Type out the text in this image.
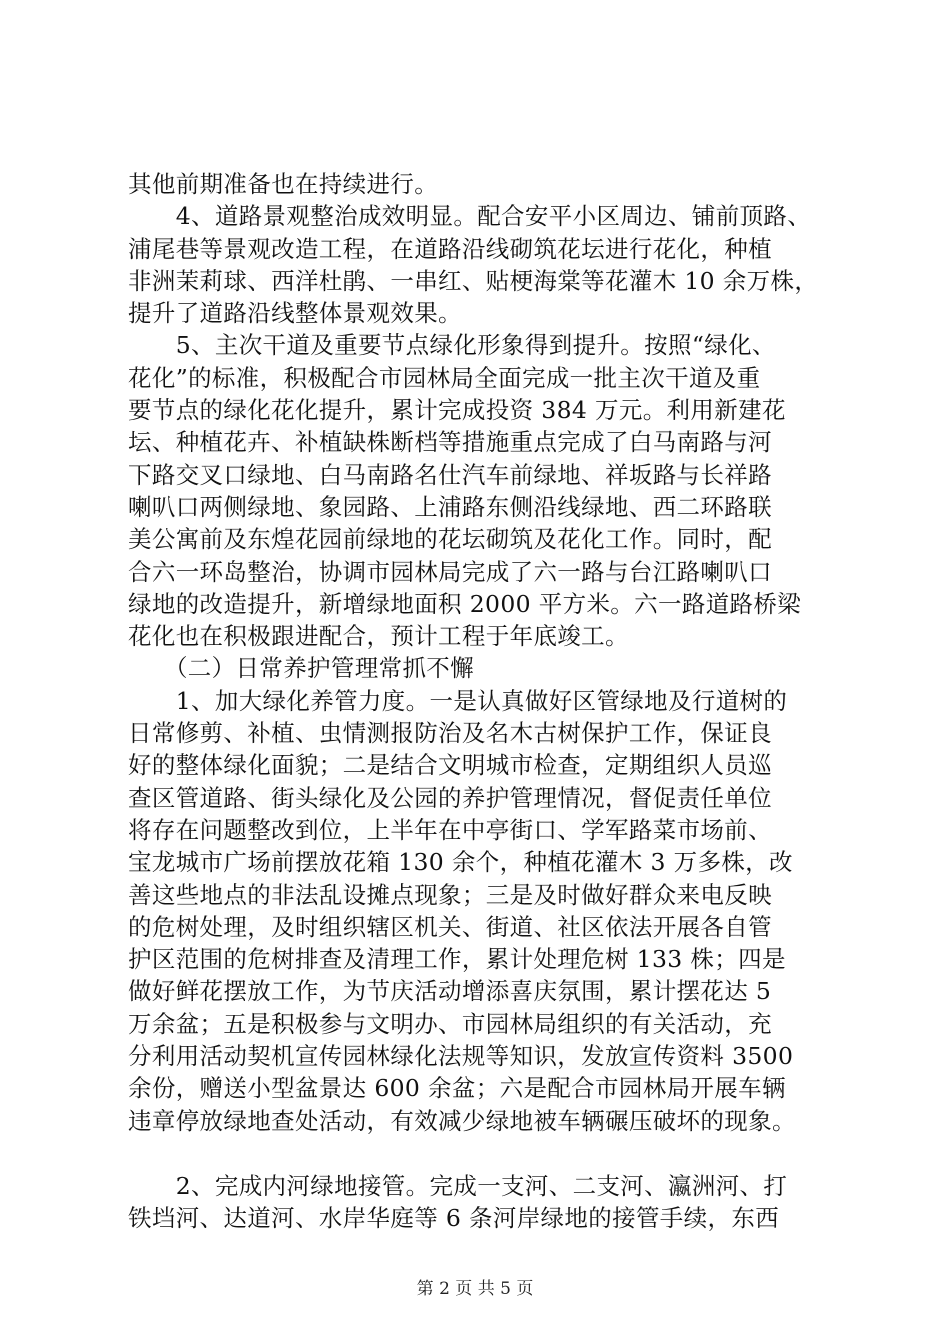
其他前期准备也在持续进行。
　　4、道路景观整治成效明显。配合安平小区周边、铺前顶路、
浦尾巷等景观改造工程，在道路沿线砌筑花坛进行花化，种植
非洲茉莉球、西洋杜鹃、一串红、贴梗海棠等花灌木 10 余万株，
提升了道路沿线整体景观效果。
　　5、主次干道及重要节点绿化形象得到提升。按照“绿化、
花化”的标准，积极配合市园林局全面完成一批主次干道及重
要节点的绿化花化提升，累计完成投资 384 万元。利用新建花
坛、种植花卉、补植缺株断档等措施重点完成了白马南路与河
下路交叉口绿地、白马南路名仕汽车前绿地、祥坂路与长祥路
喇叭口两侧绿地、象园路、上浦路东侧沿线绿地、西二环路联
美公寓前及东煌花园前绿地的花坛砌筑及花化工作。同时，配
合六一环岛整治，协调市园林局完成了六一路与台江路喇叭口
绿地的改造提升，新增绿地面积 2000 平方米。六一路道路桥梁
花化也在积极跟进配合，预计工程于年底竣工。
　　（二）日常养护管理常抓不懈
　　1、加大绿化养管力度。一是认真做好区管绿地及行道树的
日常修剪、补植、虫情测报防治及名木古树保护工作，保证良
好的整体绿化面貌；二是结合文明城市检查，定期组织人员巡
查区管道路、街头绿化及公园的养护管理情况，督促责任单位
将存在问题整改到位，上半年在中亭街口、学军路菜市场前、
宝龙城市广场前摆放花箱 130 余个，种植花灌木 3 万多株，改
善这些地点的非法乱设摊点现象；三是及时做好群众来电反映
的危树处理，及时组织辖区机关、街道、社区依法开展各自管
护区范围的危树排查及清理工作，累计处理危树 133 株；四是
做好鲜花摆放工作，为节庆活动增添喜庆氛围，累计摆花达 5
万余盆；五是积极参与文明办、市园林局组织的有关活动，充
分利用活动契机宣传园林绿化法规等知识，发放宣传资料 3500
余份，赠送小型盆景达 600 余盆；六是配合市园林局开展车辆
违章停放绿地查处活动，有效减少绿地被车辆碾压破坏的现象。
　　2、完成内河绿地接管。完成一支河、二支河、瀛洲河、打
铁垱河、达道河、水岸华庭等 6 条河岸绿地的接管手续，东西
第 2 页 共 5 页
